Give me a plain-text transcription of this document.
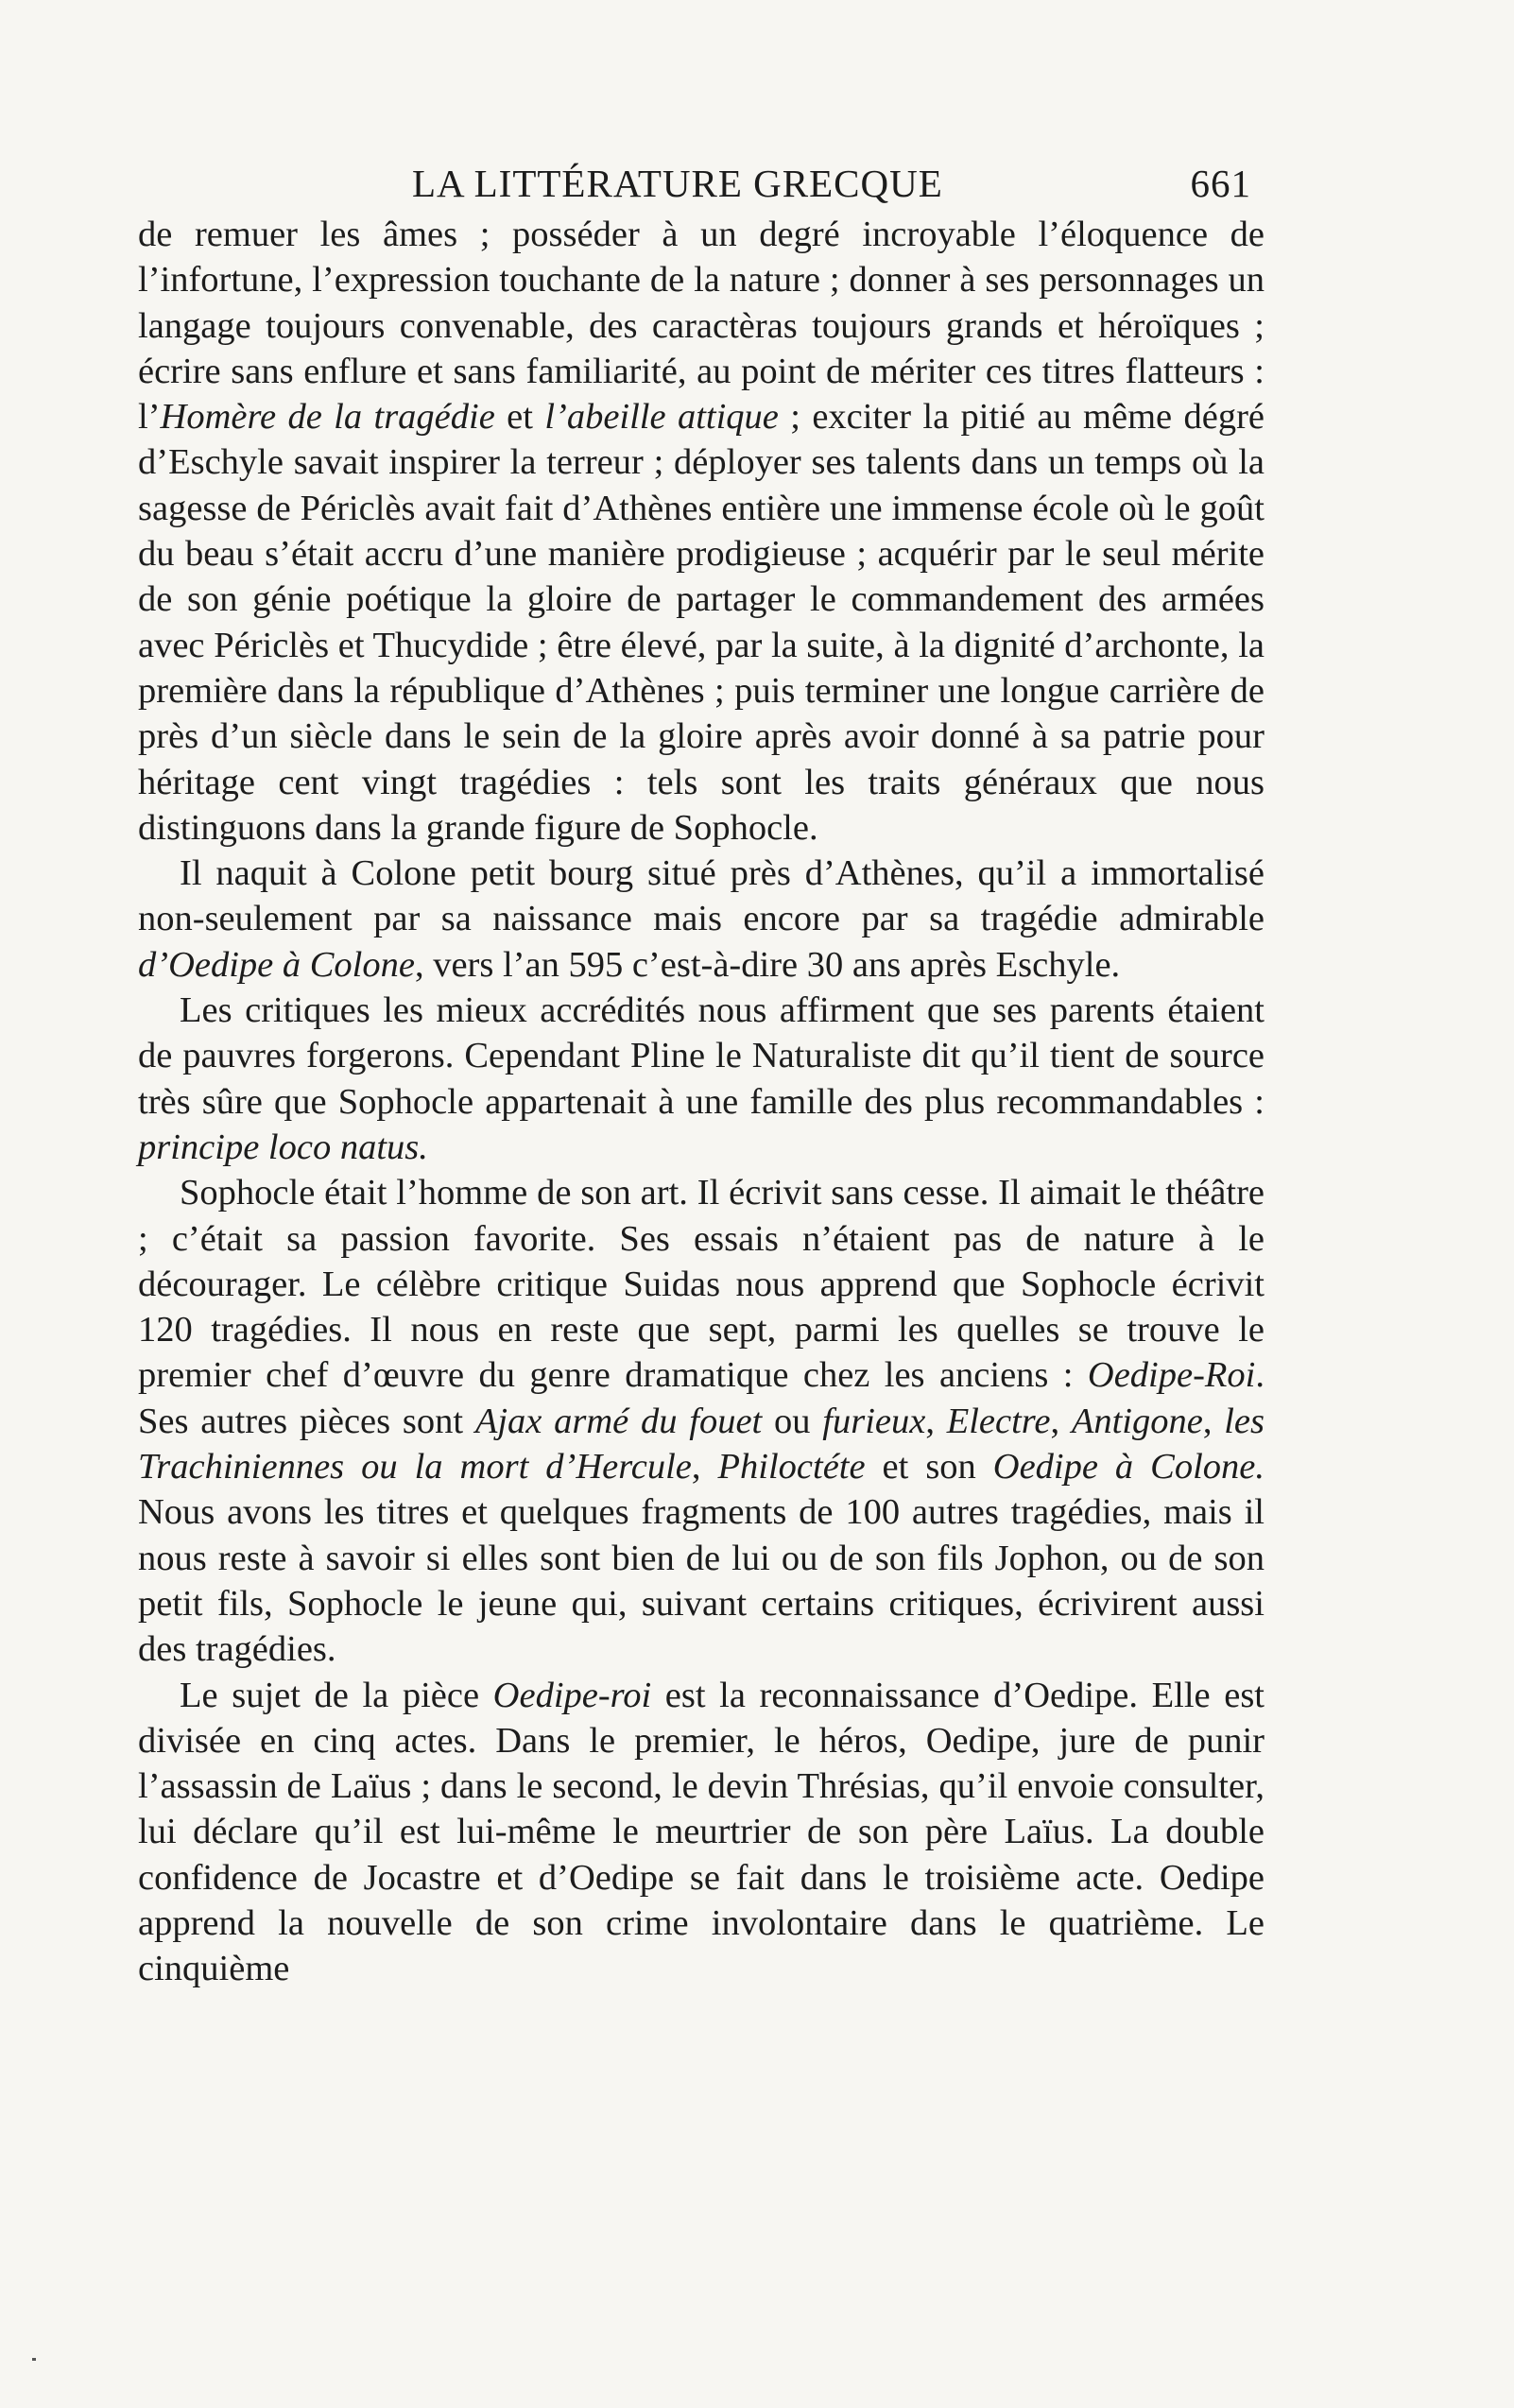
LA LITTÉRATURE GRECQUE	661

de remuer les âmes ; posséder à un degré incroyable l’éloquence de l’infortune, l’expression touchante de la nature ; donner à ses personnages un langage toujours convenable, des caractèras toujours grands et héroïques ; écrire sans enflure et sans familiarité, au point de mériter ces titres flatteurs : l’Homère de la tragédie et l’abeille attique ; exciter la pitié au même dégré d’Eschyle savait inspirer la terreur ; déployer ses talents dans un temps où la sagesse de Périclès avait fait d’Athènes entière une immense école où le goût du beau s’était accru d’une manière prodigieuse ; acquérir par le seul mérite de son génie poétique la gloire de partager le commandement des armées avec Périclès et Thucydide ; être élevé, par la suite, à la dignité d’archonte, la première dans la république d’Athènes ; puis terminer une longue carrière de près d’un siècle dans le sein de la gloire après avoir donné à sa patrie pour héritage cent vingt tragédies : tels sont les traits généraux que nous distinguons dans la grande figure de Sophocle.

Il naquit à Colone petit bourg situé près d’Athènes, qu’il a immortalisé non-seulement par sa naissance mais encore par sa tragédie admirable d’Oedipe à Colone, vers l’an 595 c’est-à-dire 30 ans après Eschyle.

Les critiques les mieux accrédités nous affirment que ses parents étaient de pauvres forgerons. Cependant Pline le Naturaliste dit qu’il tient de source très sûre que Sophocle appartenait à une famille des plus recommandables : principe loco natus.

Sophocle était l’homme de son art. Il écrivit sans cesse. Il aimait le théâtre ; c’était sa passion favorite. Ses essais n’étaient pas de nature à le décourager. Le célèbre critique Suidas nous apprend que Sophocle écrivit 120 tragédies. Il nous en reste que sept, parmi les quelles se trouve le premier chef d’œuvre du genre dramatique chez les anciens : Oedipe-Roi. Ses autres pièces sont Ajax armé du fouet ou furieux, Electre, Antigone, les Trachiniennes ou la mort d’Hercule, Philoctéte et son Oedipe à Colone. Nous avons les titres et quelques fragments de 100 autres tragédies, mais il nous reste à savoir si elles sont bien de lui ou de son fils Jophon, ou de son petit fils, Sophocle le jeune qui, suivant certains critiques, écrivirent aussi des tragédies.

Le sujet de la pièce Oedipe-roi est la reconnaissance d’Oedipe. Elle est divisée en cinq actes. Dans le premier, le héros, Oedipe, jure de punir l’assassin de Laïus ; dans le second, le devin Thrésias, qu’il envoie consulter, lui déclare qu’il est lui-même le meurtrier de son père Laïus. La double confidence de Jocastre et d’Oedipe se fait dans le troisième acte. Oedipe apprend la nouvelle de son crime involontaire dans le quatrième. Le cinquième
